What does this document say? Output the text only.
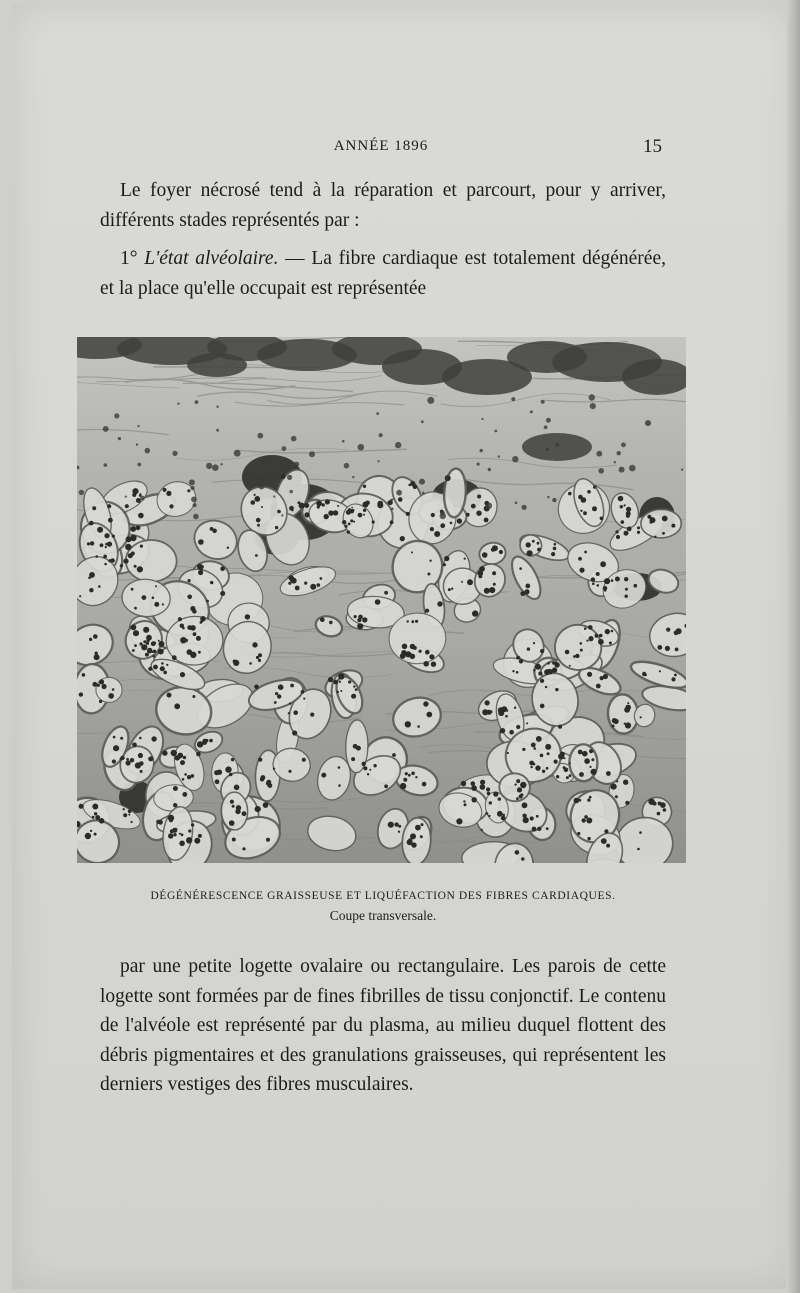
ANNÉE 1896	15

Le foyer nécrosé tend à la réparation et parcourt, pour y arriver, différents stades représentés par :

1° L'état alvéolaire. — La fibre cardiaque est totalement dégénérée, et la place qu'elle occupait est représentée

DÉGÉNÉRESCENCE GRAISSEUSE ET LIQUÉFACTION DES FIBRES CARDIAQUES.
Coupe transversale.

par une petite logette ovalaire ou rectangulaire. Les parois de cette logette sont formées par de fines fibrilles de tissu conjonctif. Le contenu de l'alvéole est représenté par du plasma, au milieu duquel flottent des débris pigmentaires et des granulations graisseuses, qui représentent les derniers vestiges des fibres musculaires.
